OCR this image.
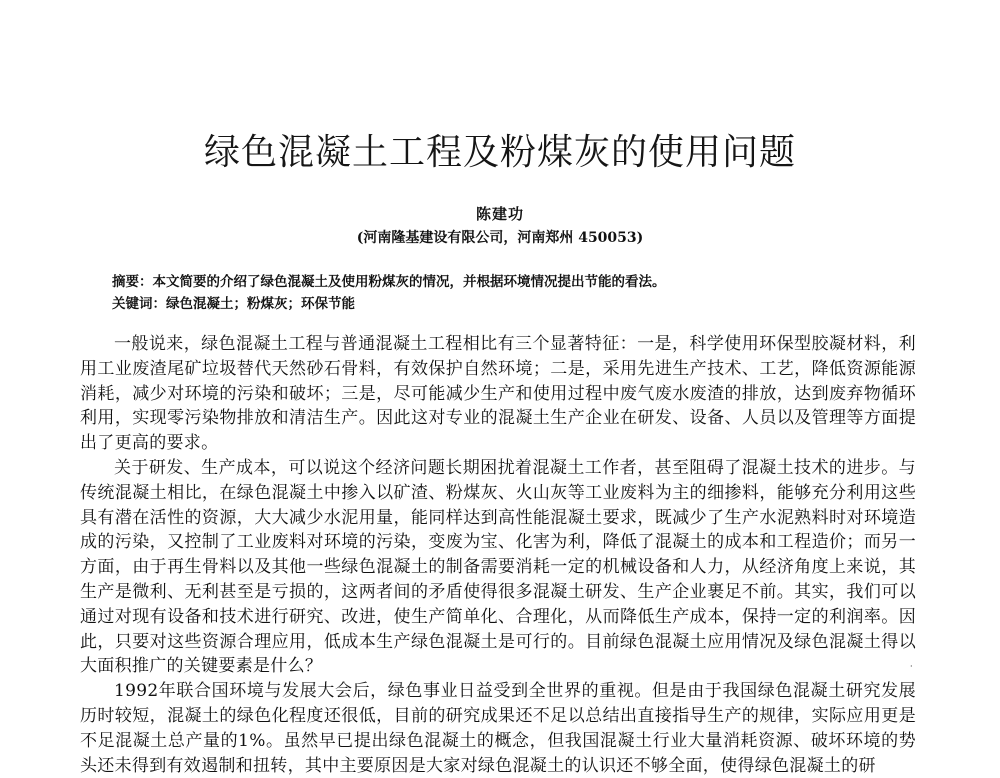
绿色混凝土工程及粉煤灰的使用问题
陈建功
(河南隆基建设有限公司，河南郑州 450053)
摘要：本文简要的介绍了绿色混凝土及使用粉煤灰的情况，并根据环境情况提出节能的看法。
关键词：绿色混凝土；粉煤灰；环保节能

一般说来，绿色混凝土工程与普通混凝土工程相比有三个显著特征：一是，科学使用环保型胶凝材料，利用工业废渣尾矿垃圾替代天然砂石骨料，有效保护自然环境；二是，采用先进生产技术、工艺，降低资源能源消耗，减少对环境的污染和破坏；三是，尽可能减少生产和使用过程中废气废水废渣的排放，达到废弃物循环利用，实现零污染物排放和清洁生产。因此这对专业的混凝土生产企业在研发、设备、人员以及管理等方面提出了更高的要求。

关于研发、生产成本，可以说这个经济问题长期困扰着混凝土工作者，甚至阻碍了混凝土技术的进步。与传统混凝土相比，在绿色混凝土中掺入以矿渣、粉煤灰、火山灰等工业废料为主的细掺料，能够充分利用这些具有潜在活性的资源，大大减少水泥用量，能同样达到高性能混凝土要求，既减少了生产水泥熟料时对环境造成的污染，又控制了工业废料对环境的污染，变废为宝、化害为利，降低了混凝土的成本和工程造价；而另一方面，由于再生骨料以及其他一些绿色混凝土的制备需要消耗一定的机械设备和人力，从经济角度上来说，其生产是微利、无利甚至是亏损的，这两者间的矛盾使得很多混凝土研发、生产企业裹足不前。其实，我们可以通过对现有设备和技术进行研究、改进，使生产简单化、合理化，从而降低生产成本，保持一定的利润率。因此，只要对这些资源合理应用，低成本生产绿色混凝土是可行的。目前绿色混凝土应用情况及绿色混凝土得以大面积推广的关键要素是什么？

1992年联合国环境与发展大会后，绿色事业日益受到全世界的重视。但是由于我国绿色混凝土研究发展历时较短，混凝土的绿色化程度还很低，目前的研究成果还不足以总结出直接指导生产的规律，实际应用更是不足混凝土总产量的1%。虽然早已提出绿色混凝土的概念，但我国混凝土行业大量消耗资源、破坏环境的势头还未得到有效遏制和扭转，其中主要原因是大家对绿色混凝土的认识还不够全面，使得绿色混凝土的研

·
